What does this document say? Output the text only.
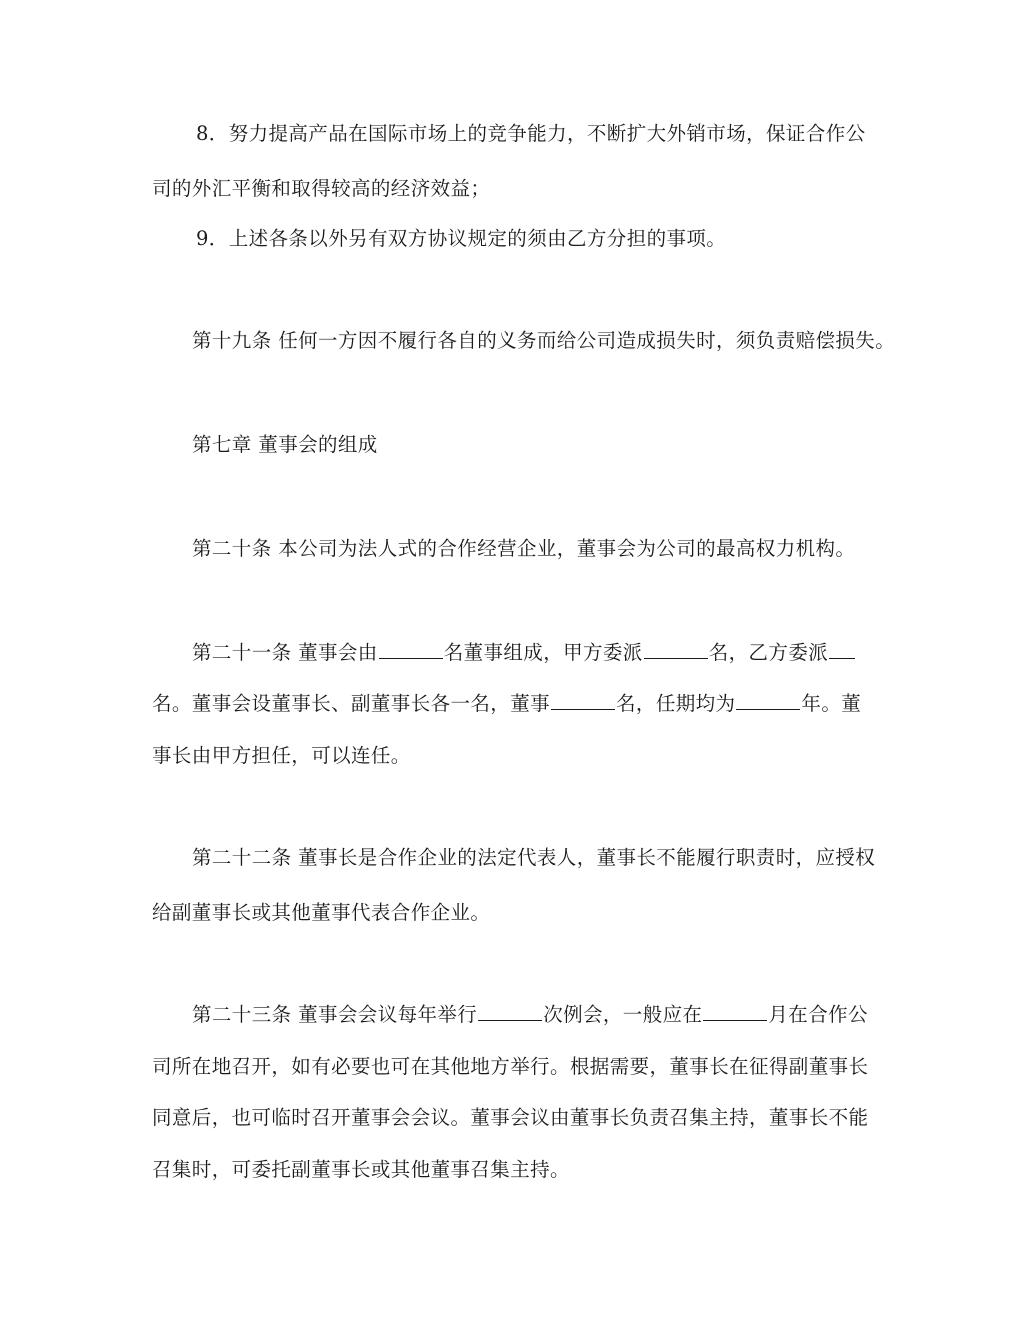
8．努力提高产品在国际市场上的竞争能力，不断扩大外销市场，保证合作公
司的外汇平衡和取得较高的经济效益；
9．上述各条以外另有双方协议规定的须由乙方分担的事项。
第十九条 任何一方因不履行各自的义务而给公司造成损失时，须负责赔偿损失。
第七章 董事会的组成
第二十条 本公司为法人式的合作经营企业，董事会为公司的最高权力机构。
第二十一条 董事会由	名董事组成，甲方委派	名，乙方委派
名。董事会设董事长、副董事长各一名，董事	名，任期均为	年。董
事长由甲方担任，可以连任。
第二十二条 董事长是合作企业的法定代表人，董事长不能履行职责时，应授权
给副董事长或其他董事代表合作企业。
第二十三条 董事会会议每年举行	次例会，一般应在	月在合作公
司所在地召开，如有必要也可在其他地方举行。根据需要，董事长在征得副董事长
同意后，也可临时召开董事会会议。董事会议由董事长负责召集主持，董事长不能
召集时，可委托副董事长或其他董事召集主持。
